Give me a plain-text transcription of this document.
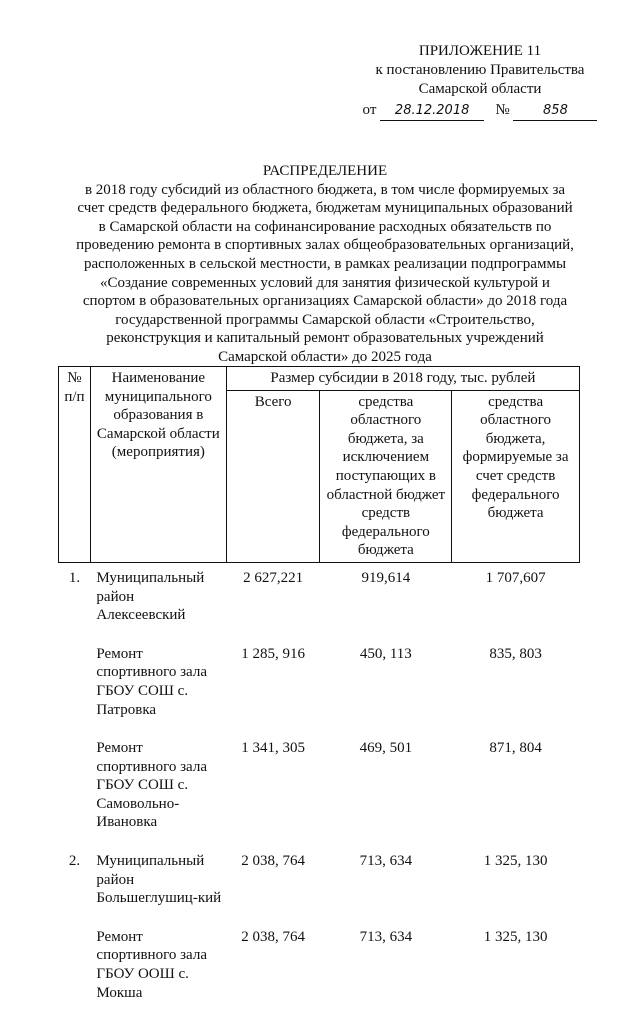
ПРИЛОЖЕНИЕ 11
к постановлению Правительства
Самарской области
от 28.12.2018 №	858
РАСПРЕДЕЛЕНИЕ
в 2018 году субсидий из областного бюджета, в том числе формируемых за
счет средств федерального бюджета, бюджетам муниципальных образований
в Самарской области на софинансирование расходных обязательств по
проведению ремонта в спортивных залах общеобразовательных организаций,
расположенных в сельской местности, в рамках реализации подпрограммы
«Создание современных условий для занятия физической культурой и
спортом в образовательных организациях Самарской области» до 2018 года
государственной программы Самарской области «Строительство,
реконструкция и капитальный ремонт образовательных учреждений
Самарской области» до 2025 года
№ п/п	Наименование муниципального образования в Самарской области (мероприятия)	Размер субсидии в 2018 году, тыс. рублей		
		Всего	средства областного бюджета, за исключением поступающих в областной бюджет средств федерального бюджета	средства областного бюджета, формируемые за счет средств федерального бюджета
1.	Муниципальный район Алексеевский	2 627,221	919,614	1 707,607
	Ремонт спортивного зала ГБОУ СОШ с. Патровка	1 285, 916	450, 113	835, 803
	Ремонт спортивного зала ГБОУ СОШ с. Самовольно-Ивановка	1 341, 305	469, 501	871, 804
2.	Муниципальный район Большеглушиц-кий	2 038, 764	713, 634	1 325, 130
	Ремонт спортивного зала ГБОУ ООШ с. Мокша	2 038, 764	713, 634	1 325, 130
